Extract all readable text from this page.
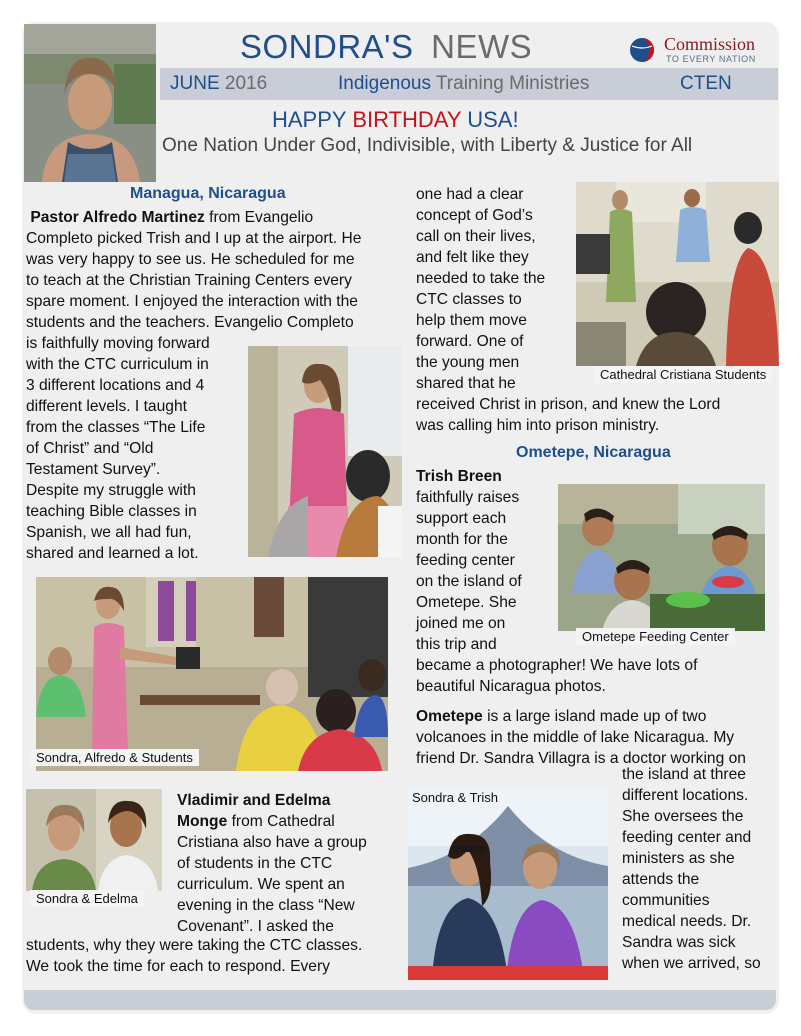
SONDRA'S NEWS	Commission
TO EVERY NATION
JUNE 2016	Indigenous Training Ministries	CTEN
HAPPY BIRTHDAY USA!
One Nation Under God, Indivisible, with Liberty & Justice for All
Managua, Nicaragua

Pastor Alfredo Martinez from Evangelio

Completo picked Trish and I up at the airport. He

was very happy to see us. He scheduled for me

to teach at the Christian Training Centers every

spare moment. I enjoyed the interaction with the

students and the teachers. Evangelio Completo

is faithfully moving forward

with the CTC curriculum in

3 different locations and 4

different levels. I taught

from the classes “The Life

of Christ” and “Old

Testament Survey”.

Despite my struggle with

teaching Bible classes in

Spanish, we all had fun,

shared and learned a lot.

one had a clear

concept of God’s

call on their lives,

and felt like they

needed to take the

CTC classes to

help them move

forward. One of

the young men

shared that he

received Christ in prison, and knew the Lord

was calling him into prison ministry.

Cathedral Cristiana Students
Ometepe, Nicaragua

Trish Breen

faithfully raises

support each

month for the

feeding center

on the island of

Ometepe. She

joined me on

this trip and

became a photographer! We have lots of

beautiful Nicaragua photos.

Ometepe is a large island made up of two

volcanoes in the middle of lake Nicaragua. My

friend Dr. Sandra Villagra is a doctor working on

the island at three

different locations.

She oversees the

feeding center and

ministers as she

attends the

communities

medical needs. Dr.

Sandra was sick

when we arrived, so

Ometepe Feeding Center
Sondra, Alfredo & Students
Sondra & Edelma

Vladimir and Edelma

Monge from Cathedral

Cristiana also have a group

of students in the CTC

curriculum. We spent an

evening in the class “New

Covenant”. I asked the

students, why they were taking the CTC classes.

We took the time for each to respond. Every

Sondra & Trish
